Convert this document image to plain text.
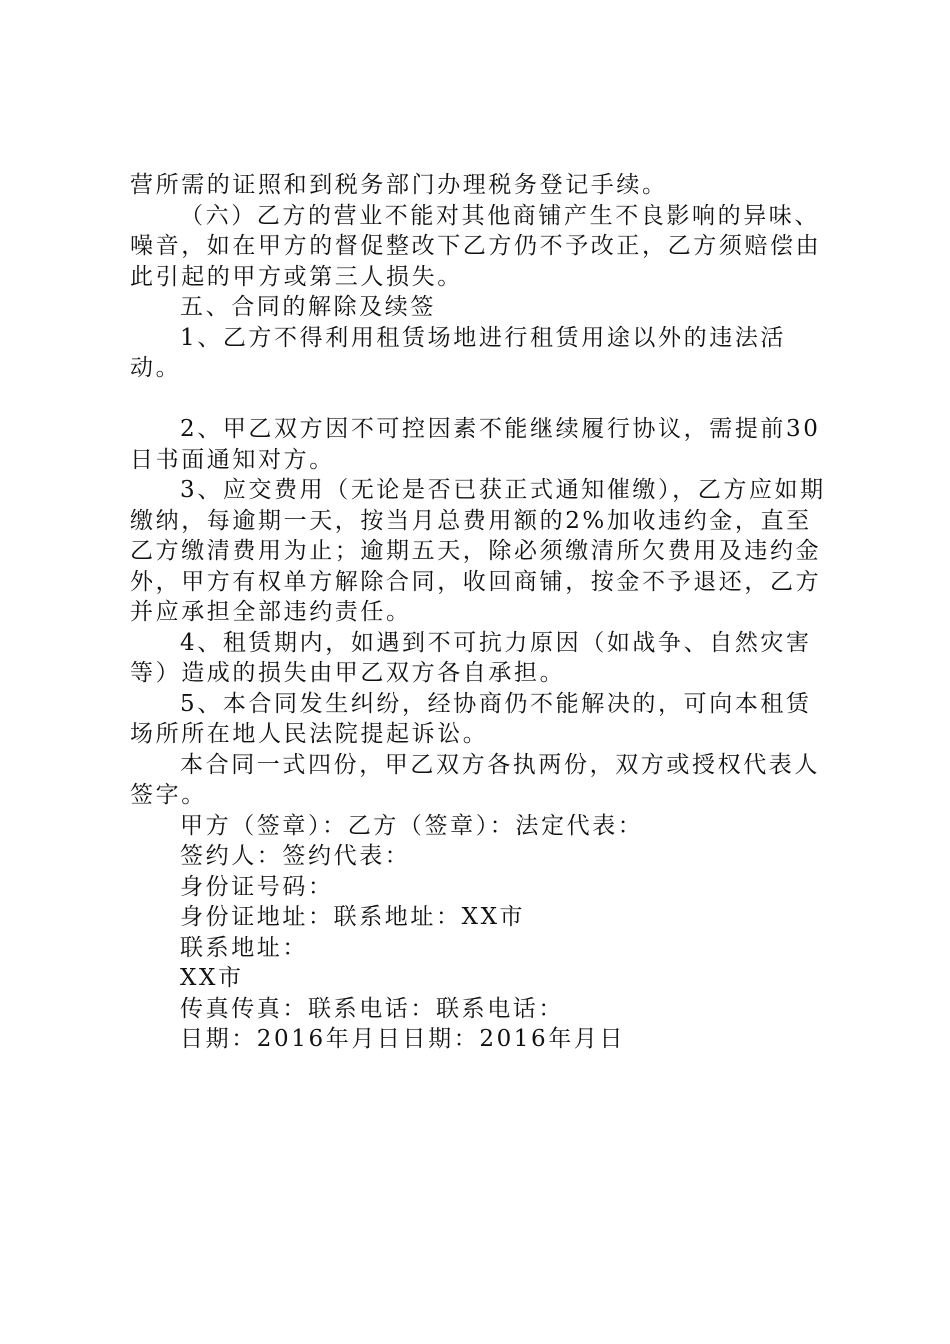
营所需的证照和到税务部门办理税务登记手续。

（六）乙方的营业不能对其他商铺产生不良影响的异味、噪音，如在甲方的督促整改下乙方仍不予改正，乙方须赔偿由此引起的甲方或第三人损失。

五、合同的解除及续签

1、乙方不得利用租赁场地进行租赁用途以外的违法活动。

2、甲乙双方因不可控因素不能继续履行协议，需提前30日书面通知对方。

3、应交费用（无论是否已获正式通知催缴），乙方应如期缴纳，每逾期一天，按当月总费用额的2%加收违约金，直至乙方缴清费用为止；逾期五天，除必须缴清所欠费用及违约金外，甲方有权单方解除合同，收回商铺，按金不予退还，乙方并应承担全部违约责任。

4、租赁期内，如遇到不可抗力原因（如战争、自然灾害等）造成的损失由甲乙双方各自承担。

5、本合同发生纠纷，经协商仍不能解决的，可向本租赁场所所在地人民法院提起诉讼。

本合同一式四份，甲乙双方各执两份，双方或授权代表人签字。

甲方（签章）：乙方（签章）：法定代表：

签约人：签约代表：

身份证号码：

身份证地址：联系地址：XX市

联系地址：

XX市

传真传真：联系电话：联系电话：

日期：2016年月日日期：2016年月日
